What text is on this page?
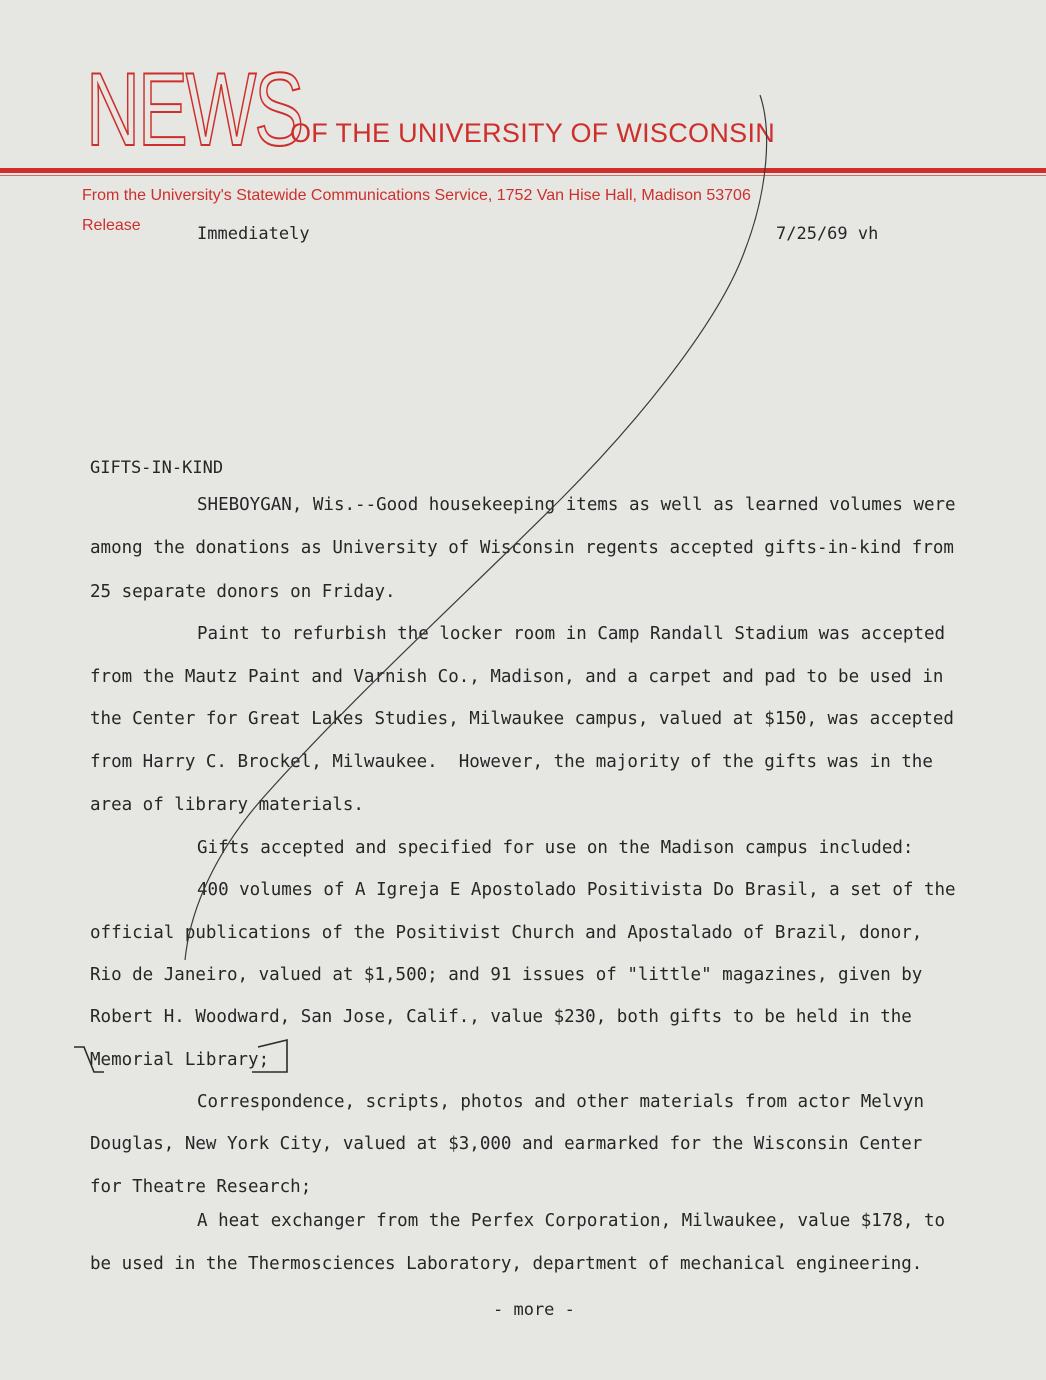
NEWS
OF THE UNIVERSITY OF WISCONSIN
From the University's Statewide Communications Service, 1752 Van Hise Hall, Madison 53706
Release	Immediately	7/25/69 vh
GIFTS-IN-KIND
SHEBOYGAN, Wis.--Good housekeeping items as well as learned volumes were
among the donations as University of Wisconsin regents accepted gifts-in-kind from
25 separate donors on Friday.
Paint to refurbish the locker room in Camp Randall Stadium was accepted
from the Mautz Paint and Varnish Co., Madison, and a carpet and pad to be used in
the Center for Great Lakes Studies, Milwaukee campus, valued at $150, was accepted
from Harry C. Brockel, Milwaukee.  However, the majority of the gifts was in the
area of library materials.
Gifts accepted and specified for use on the Madison campus included:
400 volumes of A Igreja E Apostolado Positivista Do Brasil, a set of the
official publications of the Positivist Church and Apostalado of Brazil, donor,
Rio de Janeiro, valued at $1,500; and 91 issues of "little" magazines, given by
Robert H. Woodward, San Jose, Calif., value $230, both gifts to be held in the
Memorial Library;
Correspondence, scripts, photos and other materials from actor Melvyn
Douglas, New York City, valued at $3,000 and earmarked for the Wisconsin Center
for Theatre Research;
A heat exchanger from the Perfex Corporation, Milwaukee, value $178, to
be used in the Thermosciences Laboratory, department of mechanical engineering.
- more -
